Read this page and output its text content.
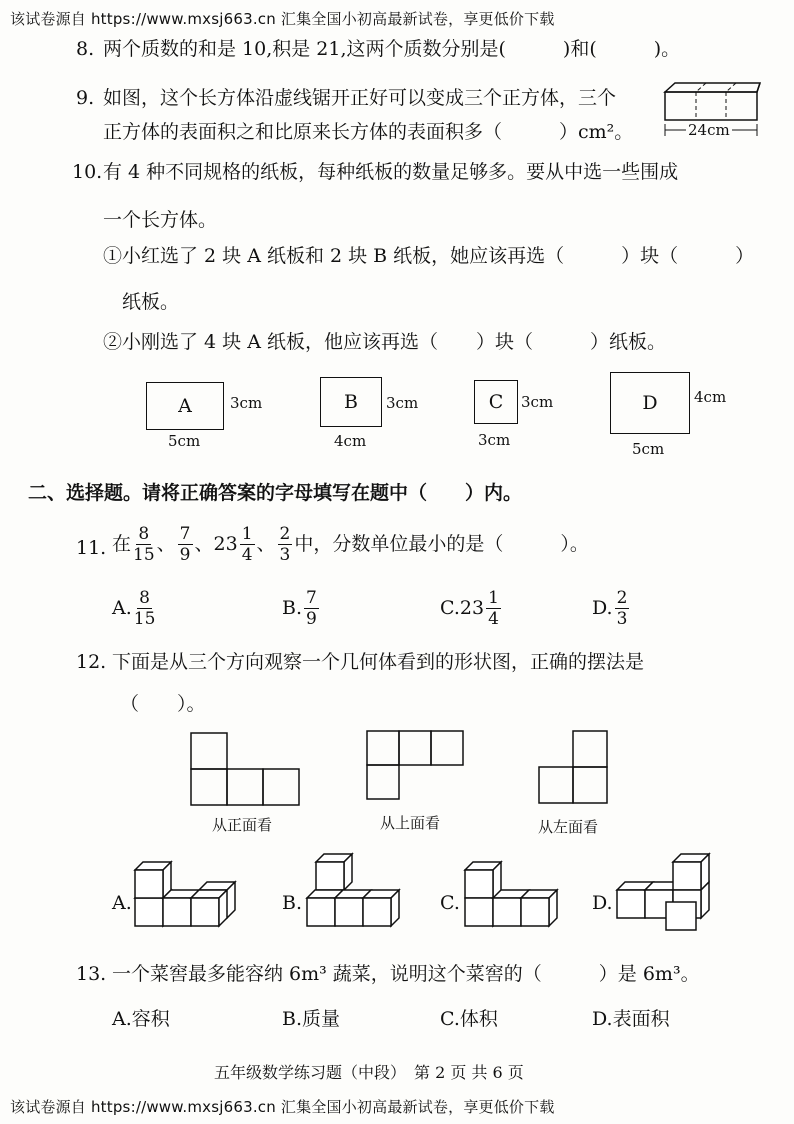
该试卷源自 https://www.mxsj663.cn 汇集全国小初高最新试卷，享更低价下载
8. 两个质数的和是 10,积是 21,这两个质数分别是(　　　)和(　　　)。
9. 如图，这个长方体沿虚线锯开正好可以变成三个正方体，三个
正方体的表面积之和比原来长方体的表面积多（　　　）cm²。	24cm
10. 有 4 种不同规格的纸板，每种纸板的数量足够多。要从中选一些围成
一个长方体。
①小红选了 2 块 A 纸板和 2 块 B 纸板，她应该再选（　　　）块（　　　）
纸板。
②小刚选了 4 块 A 纸板，他应该再选（　　）块（　　　）纸板。
A	3cm
5cm
B	3cm
4cm
C	3cm
3cm
D	4cm
5cm
二、选择题。请将正确答案的字母填写在题中（　　）内。
11. 在 $\frac{8}{15}$ 、 $\frac{7}{9}$ 、 $23 \frac{1}{4}$ 、 $\frac{2}{3}$ 中，分数单位最小的是（　　　）。
A. $\frac{8}{15}$	B. $\frac{7}{9}$	C. $23 \frac{1}{4}$	D. $\frac{2}{3}$
12. 下面是从三个方向观察一个几何体看到的形状图，正确的摆法是
（　　）。
从正面看	从上面看	从左面看
A.	B.	C.	D.
13. 一个菜窖最多能容纳 6m³ 蔬菜，说明这个菜窖的（　　　）是 6m³。
A.容积	B.质量	C.体积	D.表面积
五年级数学练习题（中段）　第 2 页 共 6 页
该试卷源自 https://www.mxsj663.cn 汇集全国小初高最新试卷，享更低价下载
